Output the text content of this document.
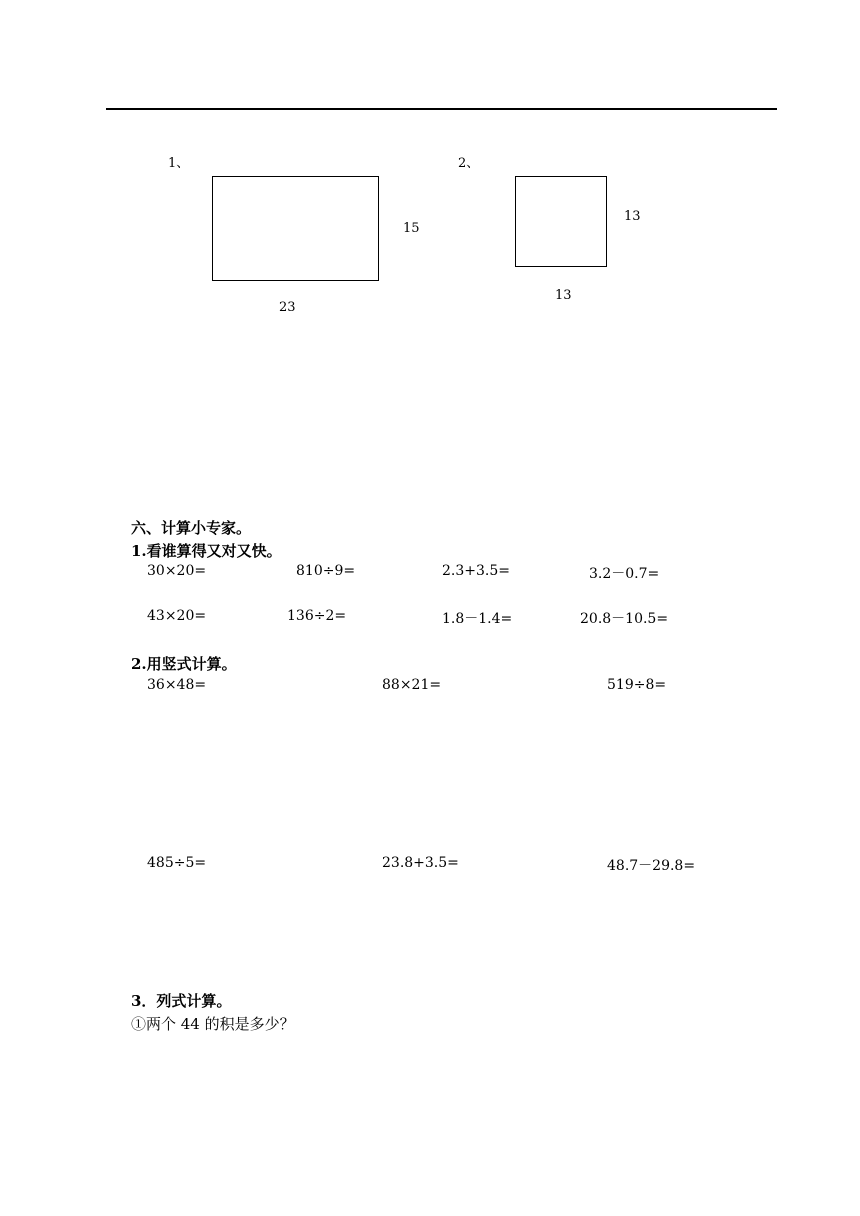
1、
15
23
2、
13
13
六、计算小专家。
1.看谁算得又对又快。
30×20=	810÷9=	2.3+3.5=	3.2－0.7=
43×20=	136÷2=	1.8－1.4=	20.8－10.5=
2.用竖式计算。
36×48=	88×21=	519÷8=
485÷5=	23.8+3.5=	48.7－29.8=
3．列式计算。
①两个 44 的积是多少？
